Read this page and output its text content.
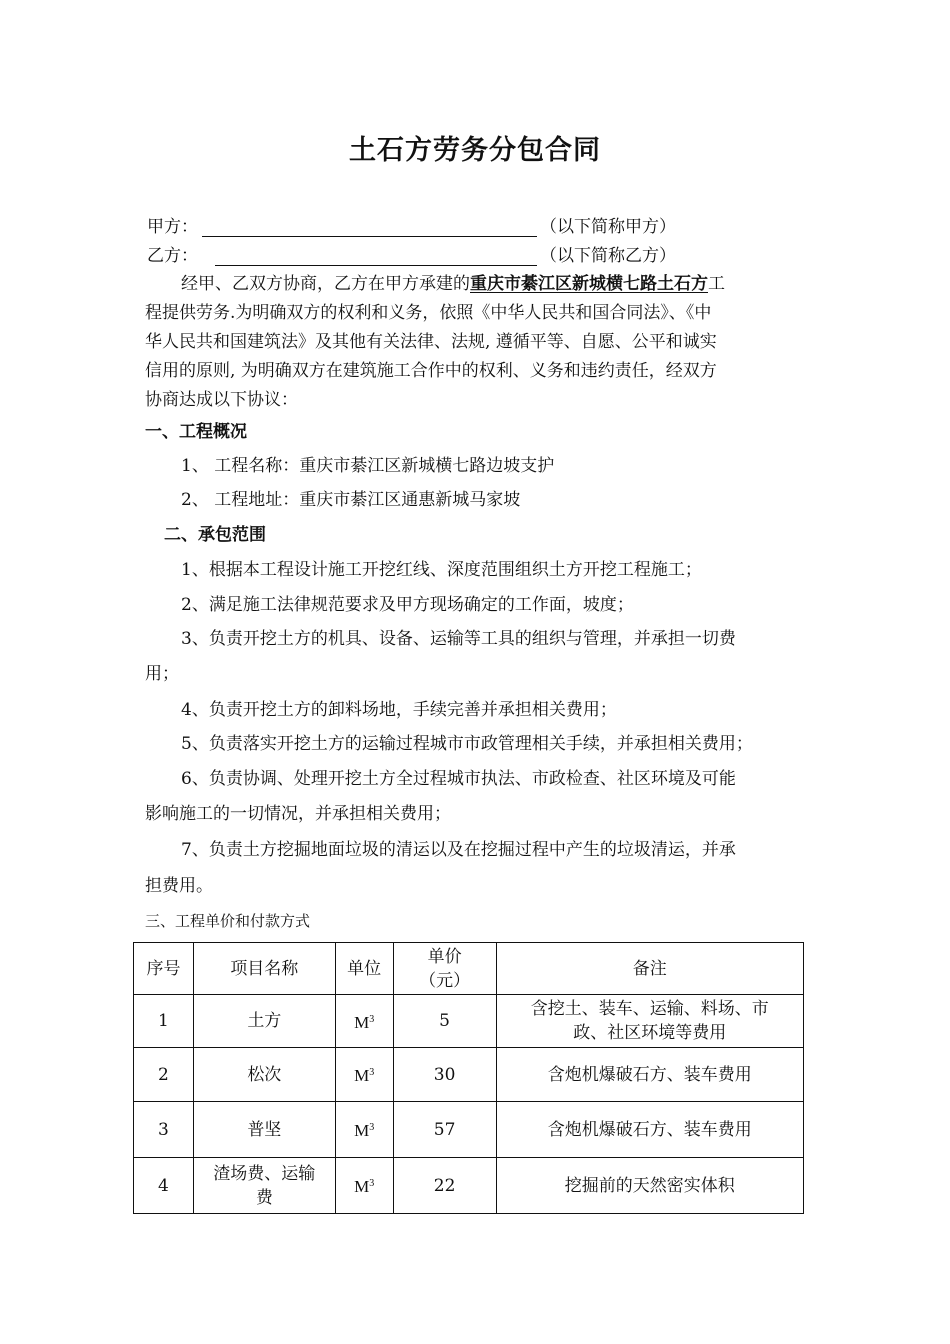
土石方劳务分包合同
甲方：	（以下简称甲方）
乙方：	（以下简称乙方）
经甲、乙双方协商，乙方在甲方承建的重庆市綦江区新城横七路土石方工
程提供劳务.为明确双方的权利和义务，依照《中华人民共和国合同法》、《中
华人民共和国建筑法》及其他有关法律、法规, 遵循平等、自愿、公平和诚实
信用的原则, 为明确双方在建筑施工合作中的权利、义务和违约责任，经双方
协商达成以下协议：
一、工程概况
1、 工程名称：重庆市綦江区新城横七路边坡支护
2、 工程地址：重庆市綦江区通惠新城马家坡
二、承包范围
1、根据本工程设计施工开挖红线、深度范围组织土方开挖工程施工；
2、满足施工法律规范要求及甲方现场确定的工作面，坡度；
3、负责开挖土方的机具、设备、运输等工具的组织与管理，并承担一切费
用；
4、负责开挖土方的卸料场地，手续完善并承担相关费用；
5、负责落实开挖土方的运输过程城市市政管理相关手续，并承担相关费用；
6、负责协调、处理开挖土方全过程城市执法、市政检查、社区环境及可能
影响施工的一切情况，并承担相关费用；
7、负责土方挖掘地面垃圾的清运以及在挖掘过程中产生的垃圾清运，并承
担费用。
三、工程单价和付款方式
序号	项目名称	单位	单价
（元）	备注
1	土方	$M^3$	5	含挖土、装车、运输、料场、市
政、社区环境等费用

2	松次	$M^3$	30	含炮机爆破石方、装车费用
3	普坚	$M^3$	57	含炮机爆破石方、装车费用
4	渣场费、运输
费	$M^3$	22	挖掘前的天然密实体积
